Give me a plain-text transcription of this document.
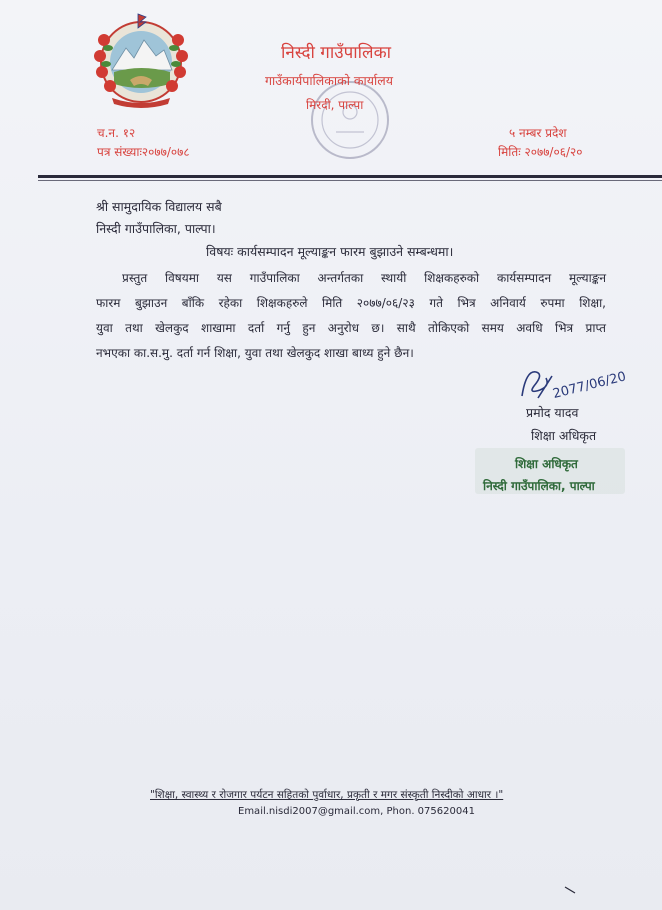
निस्दी गाउँपालिका
गाउँकार्यपालिकाको कार्यालय
मिरदी, पाल्पा
च.न. १२
पत्र संख्याः२०७७/०७८
५ नम्बर प्रदेश
मितिः २०७७/०६/२०
श्री सामुदायिक विद्यालय सबै
निस्दी गाउँपालिका, पाल्पा।
विषयः कार्यसम्पादन मूल्याङ्कन फारम बुझाउने सम्बन्धमा।
प्रस्तुत विषयमा यस गाउँपालिका अन्तर्गतका स्थायी शिक्षकहरुको कार्यसम्पादन मूल्याङ्कन
फारम बुझाउन बाँकि रहेका शिक्षकहरुले मिति २०७७/०६/२३ गते भित्र अनिवार्य रुपमा शिक्षा,
युवा तथा खेलकुद शाखामा दर्ता गर्नु हुन अनुरोध छ। साथै तोकिएको समय अवधि भित्र प्राप्त
नभएका का.स.मु. दर्ता गर्न शिक्षा, युवा तथा खेलकुद शाखा बाध्य हुने छैन।
2077/06/20
प्रमोद यादव
शिक्षा अधिकृत
शिक्षा अधिकृत
निस्दी गाउँपालिका, पाल्पा
"शिक्षा, स्वास्थ्य र रोजगार पर्यटन सहितको पुर्वाधार, प्रकृती र मगर संस्कृती निस्दीको आधार ।"
Email.nisdi2007@gmail.com, Phon. 075620041
